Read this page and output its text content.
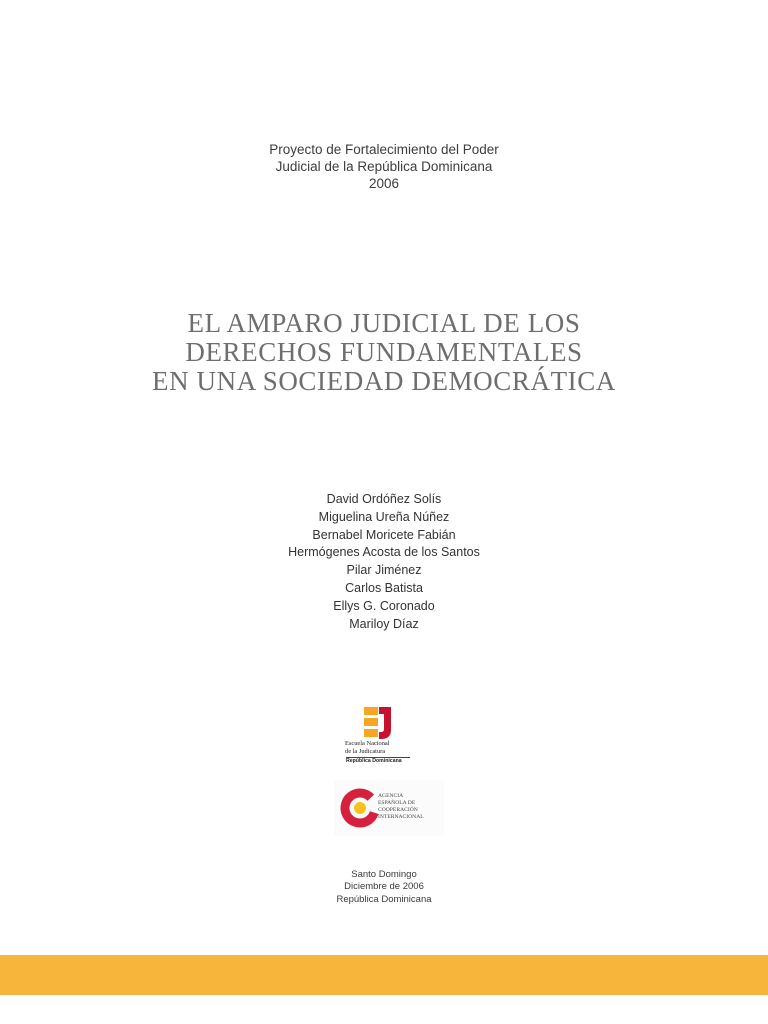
Proyecto de Fortalecimiento del Poder
Judicial de la República Dominicana
2006
EL AMPARO JUDICIAL DE LOS
DERECHOS FUNDAMENTALES
EN UNA SOCIEDAD DEMOCRÁTICA
David Ordóñez Solís
Miguelina Ureña Núñez
Bernabel Moricete Fabián
Hermógenes Acosta de los Santos
Pilar Jiménez
Carlos Batista
Ellys G. Coronado
Mariloy Díaz
Escuela Nacional
de la Judicatura
República Dominicana
AGENCIA
ESPAÑOLA DE
COOPERACIÓN
INTERNACIONAL
Santo Domingo
Diciembre de 2006
República Dominicana
